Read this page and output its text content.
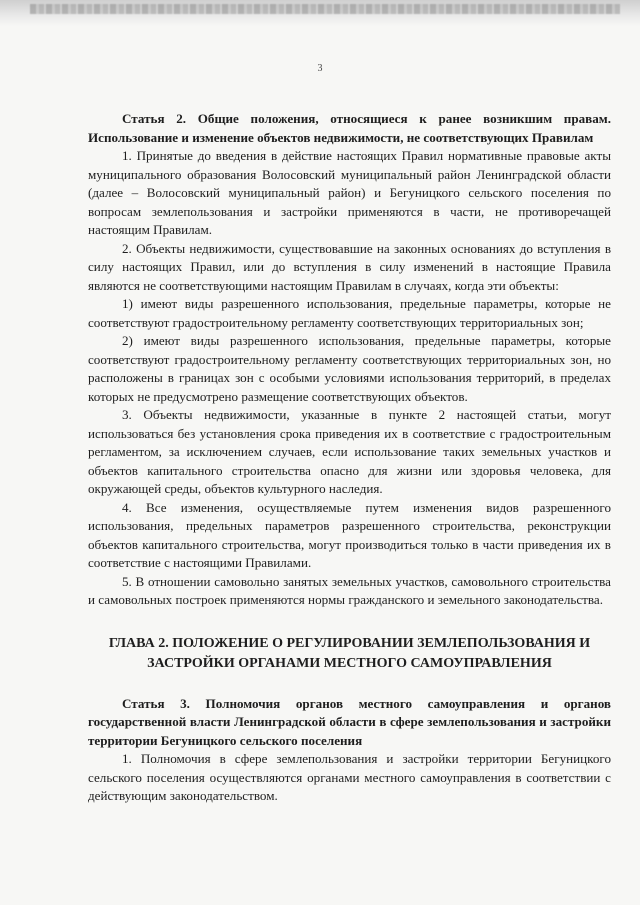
3

Статья 2. Общие положения, относящиеся к ранее возникшим правам. Использование и изменение объектов недвижимости, не соответствующих Правилам

1. Принятые до введения в действие настоящих Правил нормативные правовые акты муниципального образования Волосовский муниципальный район Ленинградской области (далее – Волосовский муниципальный район) и Бегуницкого сельского поселения по вопросам землепользования и застройки применяются в части, не противоречащей настоящим Правилам.

2. Объекты недвижимости, существовавшие на законных основаниях до вступления в силу настоящих Правил, или до вступления в силу изменений в настоящие Правила являются не соответствующими настоящим Правилам в случаях, когда эти объекты:

1) имеют виды разрешенного использования, предельные параметры, которые не соответствуют градостроительному регламенту соответствующих территориальных зон;

2) имеют виды разрешенного использования, предельные параметры, которые соответствуют градостроительному регламенту соответствующих территориальных зон, но расположены в границах зон с особыми условиями использования территорий, в пределах которых не предусмотрено размещение соответствующих объектов.

3. Объекты недвижимости, указанные в пункте 2 настоящей статьи, могут использоваться без установления срока приведения их в соответствие с градостроительным регламентом, за исключением случаев, если использование таких земельных участков и объектов капитального строительства опасно для жизни или здоровья человека, для окружающей среды, объектов культурного наследия.

4. Все изменения, осуществляемые путем изменения видов разрешенного использования, предельных параметров разрешенного строительства, реконструкции объектов капитального строительства, могут производиться только в части приведения их в соответствие с настоящими Правилами.

5. В отношении самовольно занятых земельных участков, самовольного строительства и самовольных построек применяются нормы гражданского и земельного законодательства.

ГЛАВА 2. ПОЛОЖЕНИЕ О РЕГУЛИРОВАНИИ ЗЕМЛЕПОЛЬЗОВАНИЯ И ЗАСТРОЙКИ ОРГАНАМИ МЕСТНОГО САМОУПРАВЛЕНИЯ

Статья 3. Полномочия органов местного самоуправления и органов государственной власти Ленинградской области в сфере землепользования и застройки территории Бегуницкого сельского поселения

1. Полномочия в сфере землепользования и застройки территории Бегуницкого сельского поселения осуществляются органами местного самоуправления в соответствии с действующим законодательством.
